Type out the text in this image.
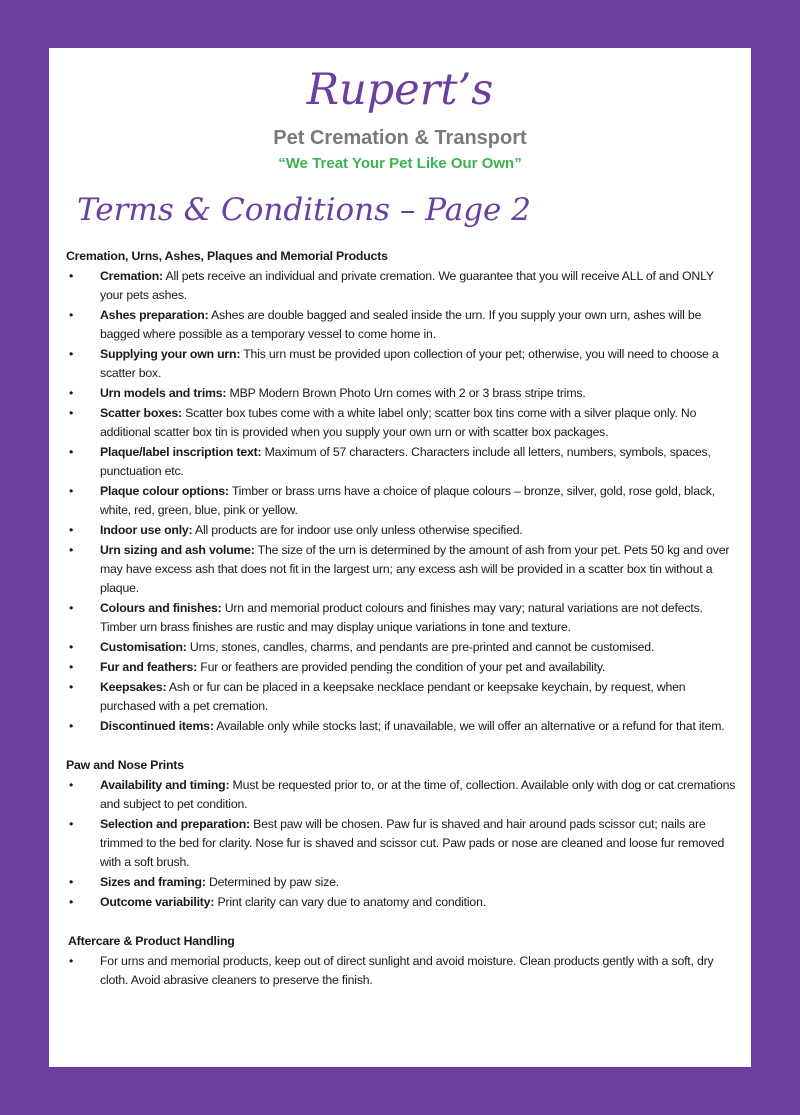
Rupert’s
Pet Cremation & Transport
“We Treat Your Pet Like Our Own”
Terms & Conditions – Page 2

Cremation, Urns, Ashes, Plaques and Memorial Products

• Cremation: All pets receive an individual and private cremation. We guarantee that you will receive ALL of and ONLY your pets ashes.
• Ashes preparation: Ashes are double bagged and sealed inside the urn. If you supply your own urn, ashes will be bagged where possible as a temporary vessel to come home in.
• Supplying your own urn: This urn must be provided upon collection of your pet; otherwise, you will need to choose a scatter box.
• Urn models and trims: MBP Modern Brown Photo Urn comes with 2 or 3 brass stripe trims.
• Scatter boxes: Scatter box tubes come with a white label only; scatter box tins come with a silver plaque only. No additional scatter box tin is provided when you supply your own urn or with scatter box packages.
• Plaque/label inscription text: Maximum of 57 characters. Characters include all letters, numbers, symbols, spaces, punctuation etc.
• Plaque colour options: Timber or brass urns have a choice of plaque colours – bronze, silver, gold, rose gold, black, white, red, green, blue, pink or yellow.
• Indoor use only: All products are for indoor use only unless otherwise specified.
• Urn sizing and ash volume: The size of the urn is determined by the amount of ash from your pet. Pets 50 kg and over may have excess ash that does not fit in the largest urn; any excess ash will be provided in a scatter box tin without a plaque.
• Colours and finishes: Urn and memorial product colours and finishes may vary; natural variations are not defects. Timber urn brass finishes are rustic and may display unique variations in tone and texture.
• Customisation: Urns, stones, candles, charms, and pendants are pre-printed and cannot be customised.
• Fur and feathers: Fur or feathers are provided pending the condition of your pet and availability.
• Keepsakes: Ash or fur can be placed in a keepsake necklace pendant or keepsake keychain, by request, when purchased with a pet cremation.
• Discontinued items: Available only while stocks last; if unavailable, we will offer an alternative or a refund for that item.

Paw and Nose Prints

• Availability and timing: Must be requested prior to, or at the time of, collection. Available only with dog or cat cremations and subject to pet condition.
• Selection and preparation: Best paw will be chosen. Paw fur is shaved and hair around pads scissor cut; nails are trimmed to the bed for clarity. Nose fur is shaved and scissor cut. Paw pads or nose are cleaned and loose fur removed with a soft brush.
• Sizes and framing: Determined by paw size.
• Outcome variability: Print clarity can vary due to anatomy and condition.

Aftercare & Product Handling

• For urns and memorial products, keep out of direct sunlight and avoid moisture. Clean products gently with a soft, dry cloth. Avoid abrasive cleaners to preserve the finish.
